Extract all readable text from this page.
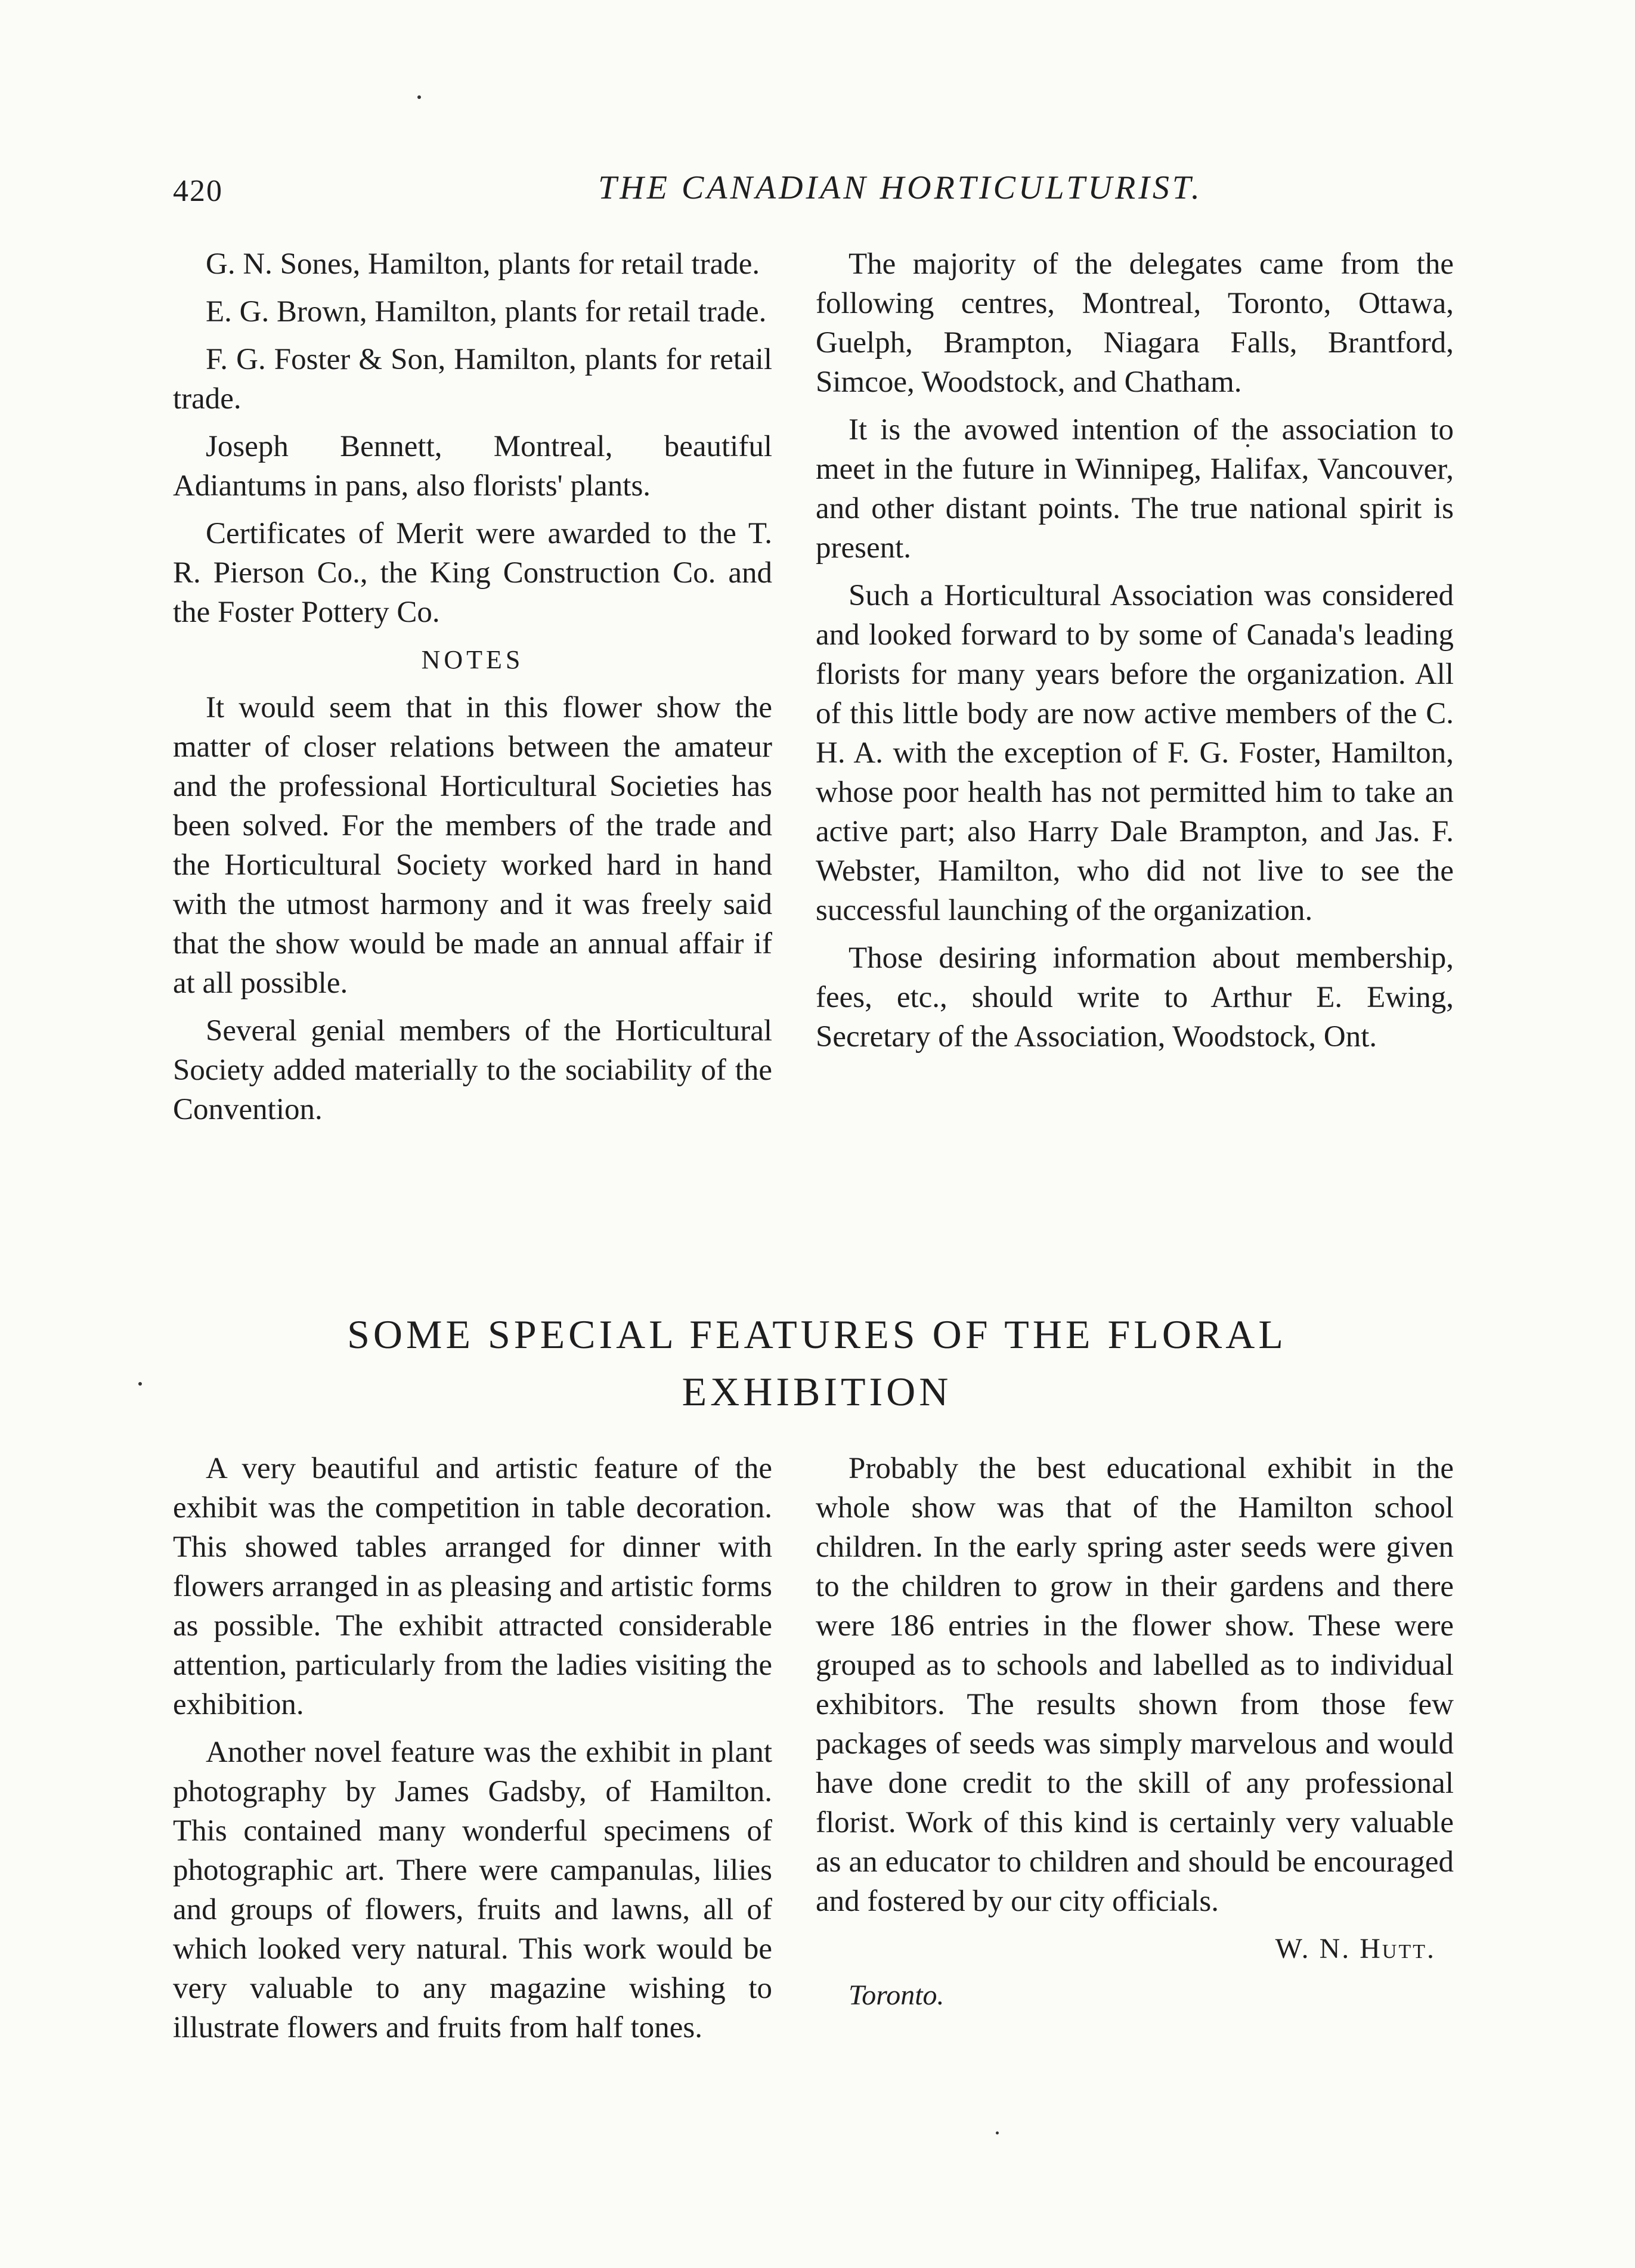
420	THE CANADIAN HORTICULTURIST.

G. N. Sones, Hamilton, plants for retail trade.

E. G. Brown, Hamilton, plants for retail trade.

F. G. Foster & Son, Hamilton, plants for retail trade.

Joseph Bennett, Montreal, beautiful Adiantums in pans, also florists' plants.

Certificates of Merit were awarded to the T. R. Pierson Co., the King Construction Co. and the Foster Pottery Co.

NOTES

It would seem that in this flower show the matter of closer relations between the amateur and the professional Horticultural Societies has been solved. For the members of the trade and the Horticultural Society worked hard in hand with the utmost harmony and it was freely said that the show would be made an annual affair if at all possible.

Several genial members of the Horticultural Society added materially to the sociability of the Convention.

The majority of the delegates came from the following centres, Montreal, Toronto, Ottawa, Guelph, Brampton, Niagara Falls, Brantford, Simcoe, Woodstock, and Chatham.

It is the avowed intention of the association to meet in the future in Winnipeg, Halifax, Vancouver, and other distant points. The true national spirit is present.

Such a Horticultural Association was considered and looked forward to by some of Canada's leading florists for many years before the organization. All of this little body are now active members of the C. H. A. with the exception of F. G. Foster, Hamilton, whose poor health has not permitted him to take an active part; also Harry Dale Brampton, and Jas. F. Webster, Hamilton, who did not live to see the successful launching of the organization.

Those desiring information about membership, fees, etc., should write to Arthur E. Ewing, Secretary of the Association, Woodstock, Ont.

SOME SPECIAL FEATURES OF THE FLORAL
EXHIBITION

A very beautiful and artistic feature of the exhibit was the competition in table decoration. This showed tables arranged for dinner with flowers arranged in as pleasing and artistic forms as possible. The exhibit attracted considerable attention, particularly from the ladies visiting the exhibition.

Another novel feature was the exhibit in plant photography by James Gadsby, of Hamilton. This contained many wonderful specimens of photographic art. There were campanulas, lilies and groups of flowers, fruits and lawns, all of which looked very natural. This work would be very valuable to any magazine wishing to illustrate flowers and fruits from half tones.

Probably the best educational exhibit in the whole show was that of the Hamilton school children. In the early spring aster seeds were given to the children to grow in their gardens and there were 186 entries in the flower show. These were grouped as to schools and labelled as to individual exhibitors. The results shown from those few packages of seeds was simply marvelous and would have done credit to the skill of any professional florist. Work of this kind is certainly very valuable as an educator to children and should be encouraged and fostered by our city officials.

W. N. Hutt.
Toronto.
